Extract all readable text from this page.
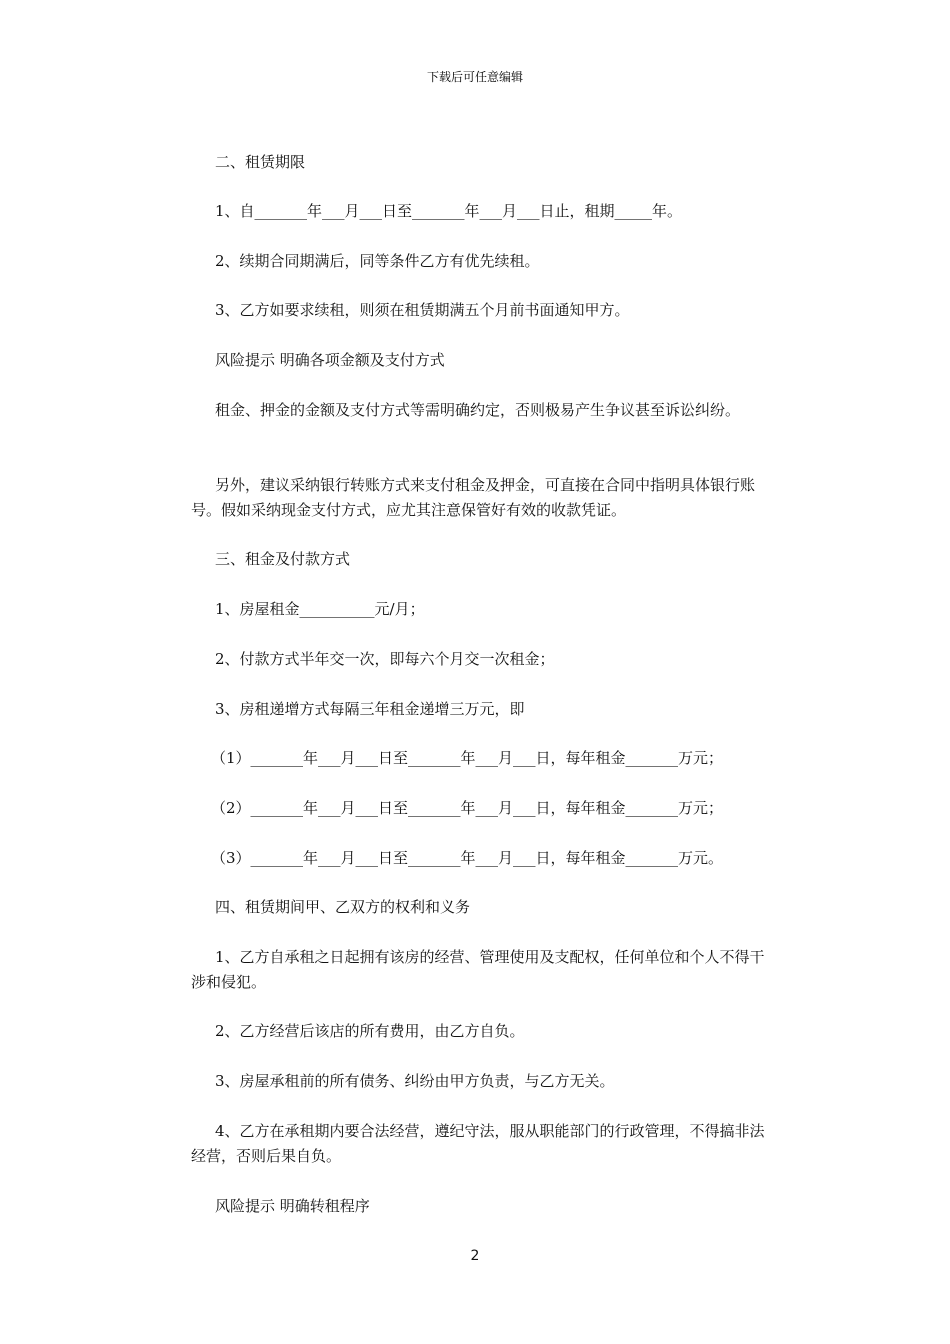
下载后可任意编辑

二、租赁期限

1、自_______年___月___日至_______年___月___日止，租期_____年。

2、续期合同期满后，同等条件乙方有优先续租。

3、乙方如要求续租，则须在租赁期满五个月前书面通知甲方。

风险提示 明确各项金额及支付方式

租金、押金的金额及支付方式等需明确约定，否则极易产生争议甚至诉讼纠纷。

另外，建议采纳银行转账方式来支付租金及押金，可直接在合同中指明具体银行账号。假如采纳现金支付方式，应尤其注意保管好有效的收款凭证。

三、租金及付款方式

1、房屋租金__________元/月；

2、付款方式半年交一次，即每六个月交一次租金；

3、房租递增方式每隔三年租金递增三万元，即

（1）_______年___月___日至_______年___月___日，每年租金_______万元；

（2）_______年___月___日至_______年___月___日，每年租金_______万元；

（3）_______年___月___日至_______年___月___日，每年租金_______万元。

四、租赁期间甲、乙双方的权利和义务

1、乙方自承租之日起拥有该房的经营、管理使用及支配权，任何单位和个人不得干涉和侵犯。

2、乙方经营后该店的所有费用，由乙方自负。

3、房屋承租前的所有债务、纠纷由甲方负责，与乙方无关。

4、乙方在承租期内要合法经营，遵纪守法，服从职能部门的行政管理，不得搞非法经营，否则后果自负。

风险提示 明确转租程序

2
